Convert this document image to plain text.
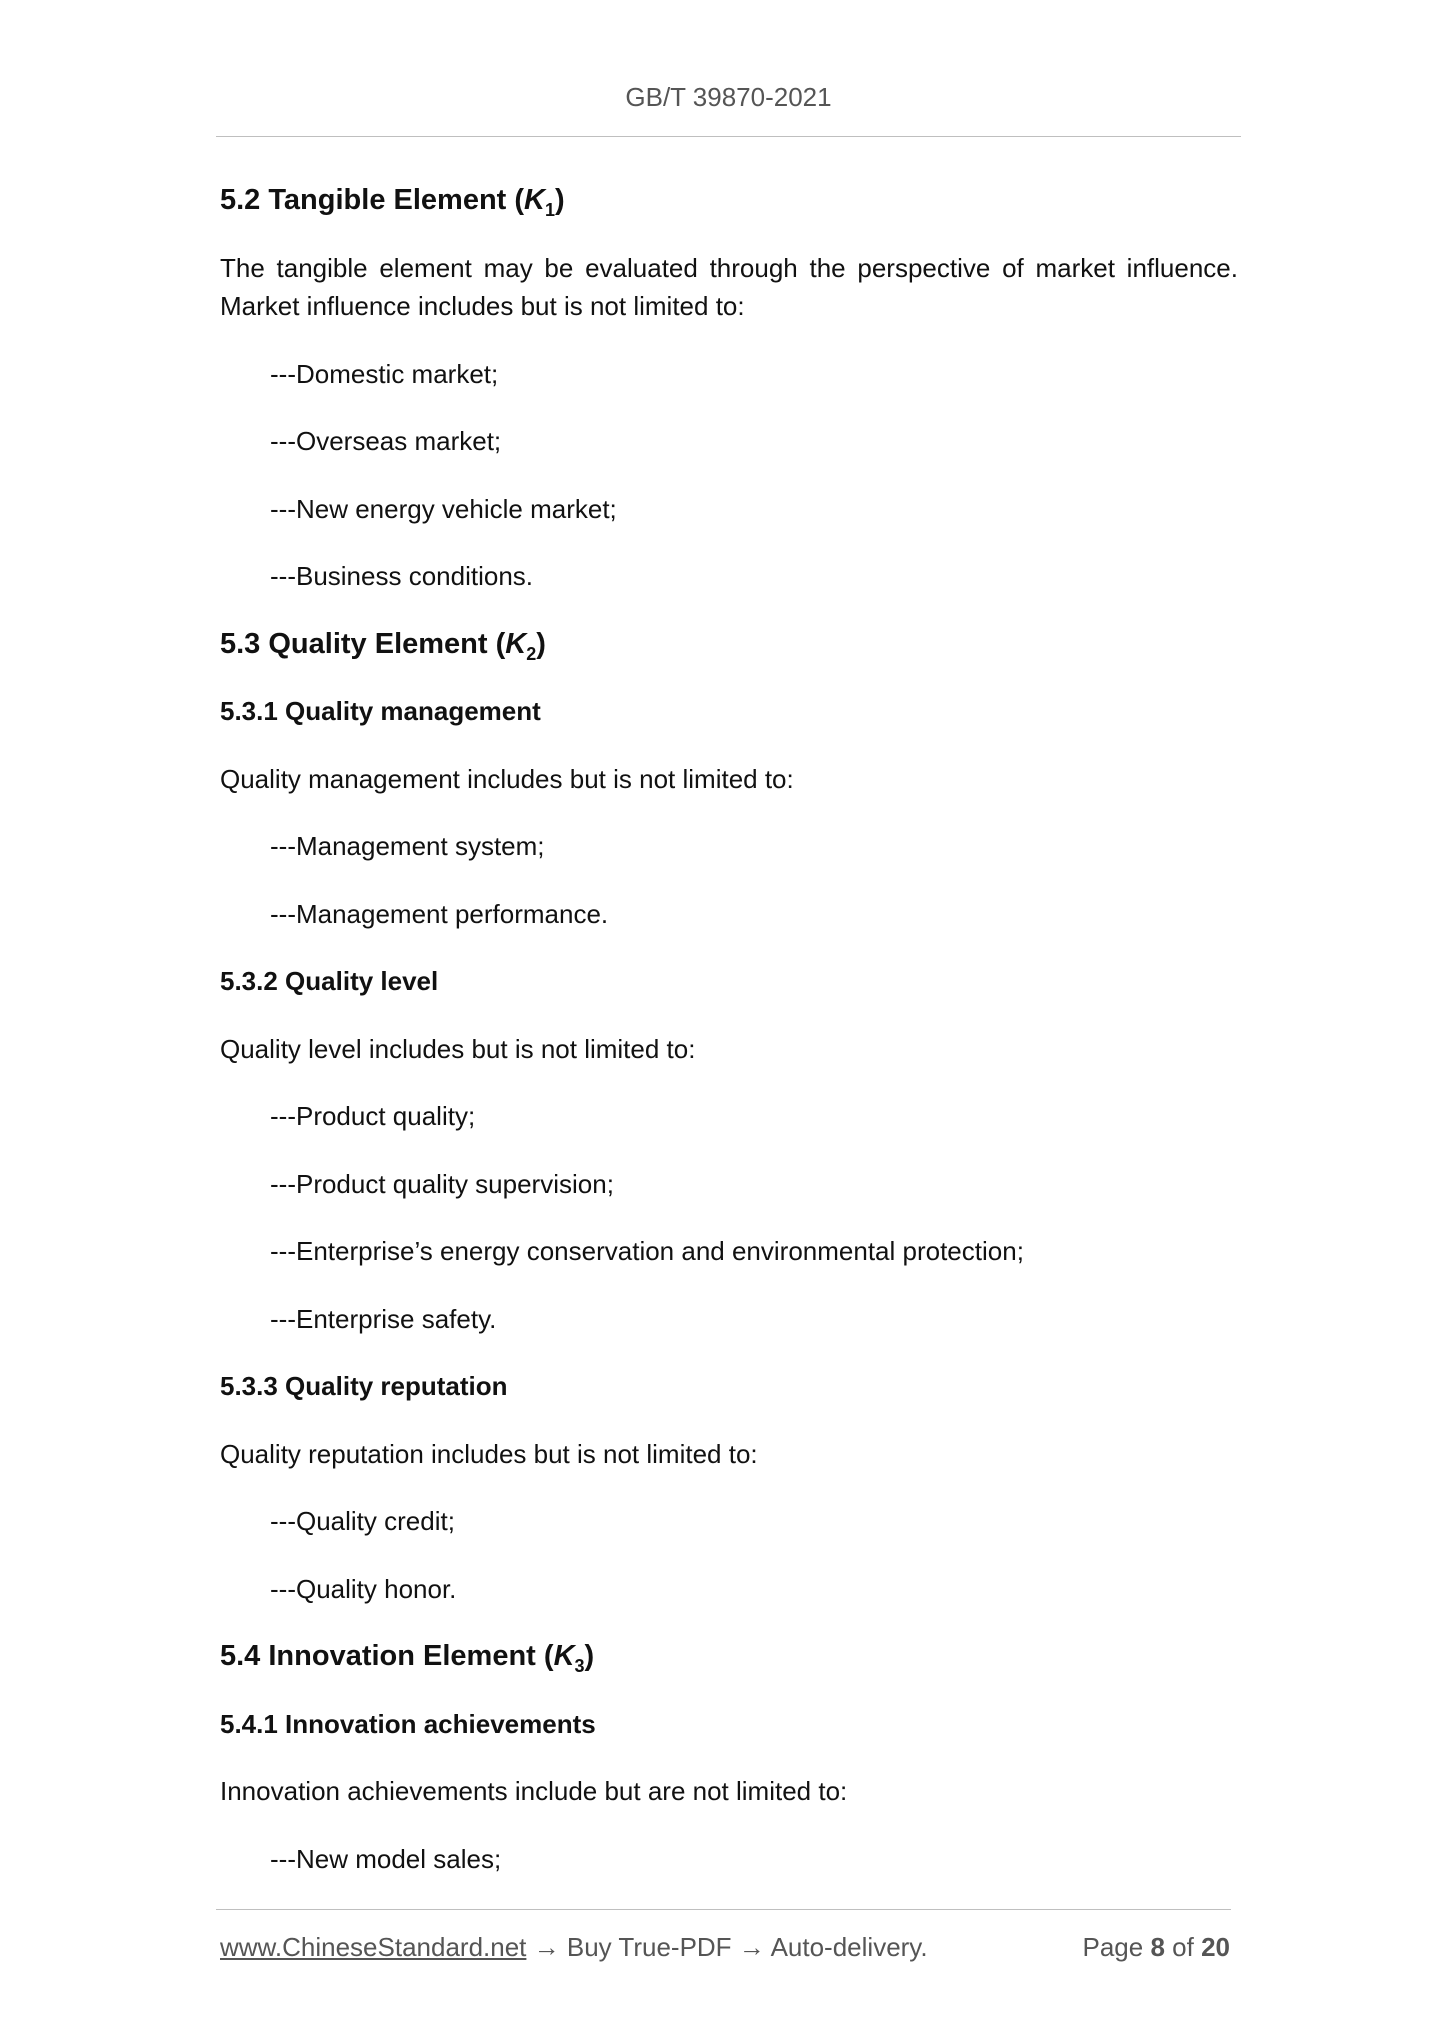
GB/T 39870-2021
5.2 Tangible Element $(K_1)$
The tangible element may be evaluated through the perspective of market influence.
Market influence includes but is not limited to:
---Domestic market;
---Overseas market;
---New energy vehicle market;
---Business conditions.
5.3 Quality Element $(K_2)$
5.3.1 Quality management
Quality management includes but is not limited to:
---Management system;
---Management performance.
5.3.2 Quality level
Quality level includes but is not limited to:
---Product quality;
---Product quality supervision;
---Enterprise’s energy conservation and environmental protection;
---Enterprise safety.
5.3.3 Quality reputation
Quality reputation includes but is not limited to:
---Quality credit;
---Quality honor.
5.4 Innovation Element $(K_3)$
5.4.1 Innovation achievements
Innovation achievements include but are not limited to:
---New model sales;
www.ChineseStandard.net → Buy True-PDF → Auto-delivery.	Page 8 of 20
